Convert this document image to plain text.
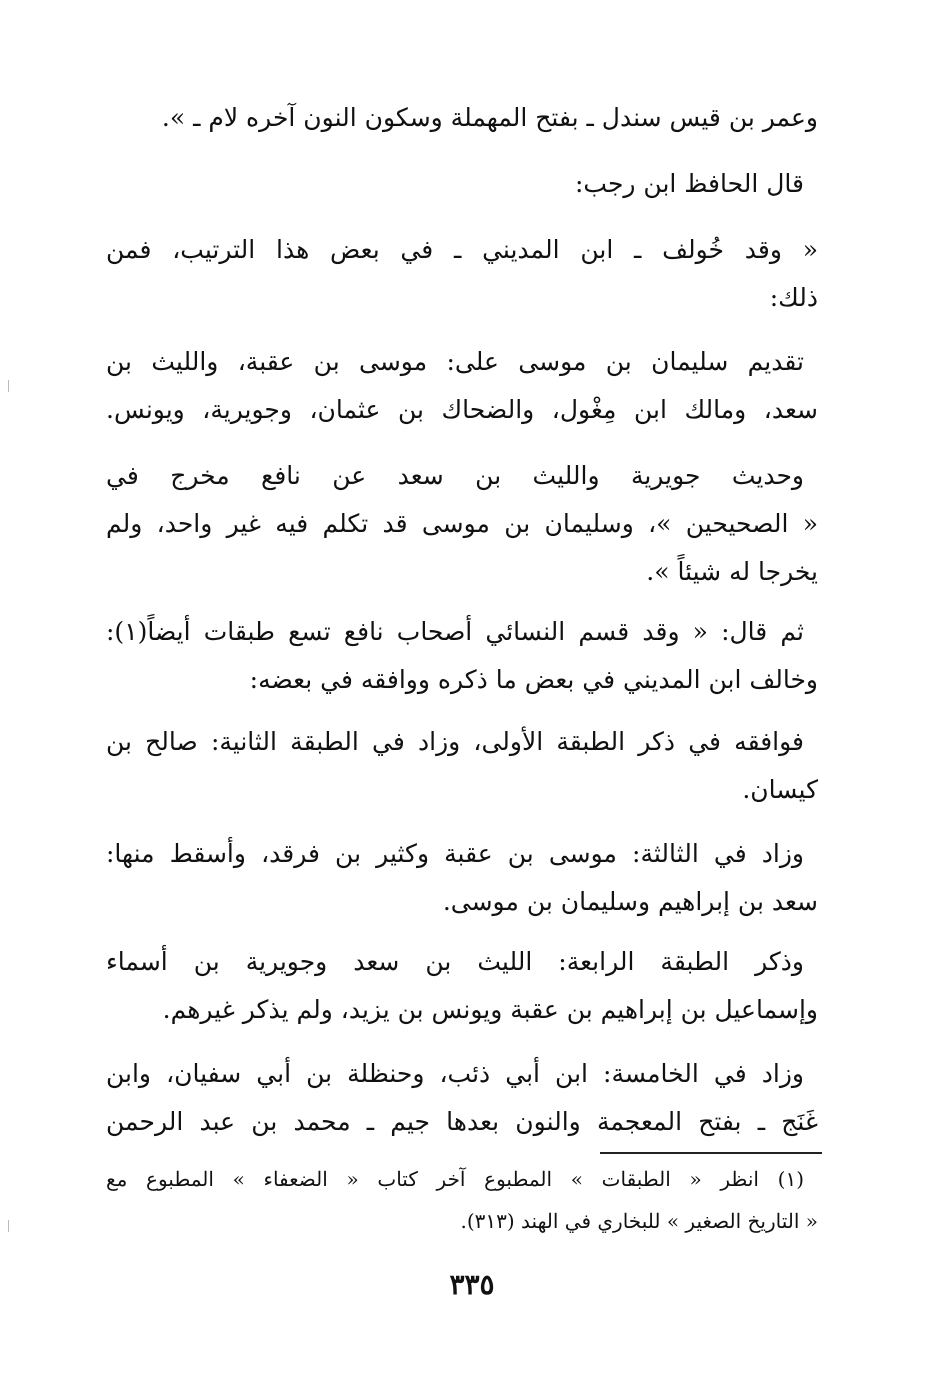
وعمر بن قيس سندل ـ بفتح المهملة وسكون النون آخره لام ـ ».
قال الحافظ ابن رجب:
« وقد خُولف ـ ابن المديني ـ في بعض هذا الترتيب، فمن
ذلك:
تقديم سليمان بن موسى على: موسى بن عقبة، والليث بن
سعد، ومالك ابن مِغْول، والضحاك بن عثمان، وجويرية، ويونس.
وحديث جويرية والليث بن سعد عن نافع مخرج في
« الصحيحين »، وسليمان بن موسى قد تكلم فيه غير واحد، ولم
يخرجا له شيئاً ».
ثم قال: « وقد قسم النسائي أصحاب نافع تسع طبقات أيضاً(١):
وخالف ابن المديني في بعض ما ذكره ووافقه في بعضه:
فوافقه في ذكر الطبقة الأولى، وزاد في الطبقة الثانية: صالح بن
كيسان.
وزاد في الثالثة: موسى بن عقبة وكثير بن فرقد، وأسقط منها:
سعد بن إبراهيم وسليمان بن موسى.
وذكر الطبقة الرابعة: الليث بن سعد وجويرية بن أسماء
وإسماعيل بن إبراهيم بن عقبة ويونس بن يزيد، ولم يذكر غيرهم.
وزاد في الخامسة: ابن أبي ذئب، وحنظلة بن أبي سفيان، وابن
غَنَج ـ بفتح المعجمة والنون بعدها جيم ـ محمد بن عبد الرحمن
(١) انظر « الطبقات » المطبوع آخر كتاب « الضعفاء » المطبوع مع
« التاريخ الصغير » للبخاري في الهند (٣١٣).
٣٣٥
